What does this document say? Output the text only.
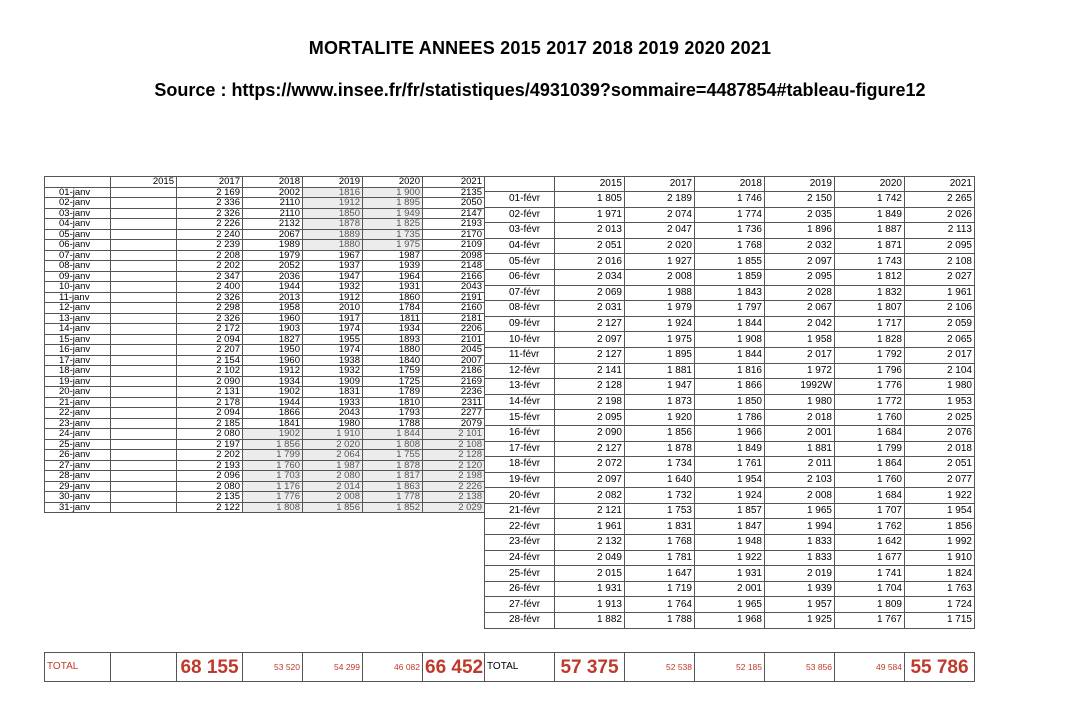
MORTALITE ANNEES 2015 2017 2018 2019 2020 2021
Source : https://www.insee.fr/fr/statistiques/4931039?sommaire=4487854#tableau-figure12
	2015	2017	2018	2019	2020	2021
01-janv		2 169	2002	1816	1 900	2135
02-janv		2 336	2110	1912	1 895	2050
03-janv		2 326	2110	1850	1 949	2147
04-janv		2 226	2132	1878	1 825	2193
05-janv		2 240	2067	1889	1 735	2170
06-janv		2 239	1989	1880	1 975	2109
07-janv		2 208	1979	1967	1987	2098
08-janv		2 202	2052	1937	1939	2148
09-janv		2 347	2036	1947	1964	2166
10-janv		2 400	1944	1932	1931	2043
11-janv		2 326	2013	1912	1860	2191
12-janv		2 298	1958	2010	1784	2160
13-janv		2 326	1960	1917	1811	2181
14-janv		2 172	1903	1974	1934	2206
15-janv		2 094	1827	1955	1893	2101
16-janv		2 207	1950	1974	1880	2045
17-janv		2 154	1960	1938	1840	2007
18-janv		2 102	1912	1932	1759	2186
19-janv		2 090	1934	1909	1725	2169
20-janv		2 131	1902	1831	1789	2236
21-janv		2 178	1944	1933	1810	2311
22-janv		2 094	1866	2043	1793	2277
23-janv		2 185	1841	1980	1788	2079
24-janv		2 080	1902	1 910	1 844	2 101
25-janv		2 197	1 856	2 020	1 808	2 108
26-janv		2 202	1 799	2 064	1 755	2 128
27-janv		2 193	1 760	1 987	1 878	2 120
28-janv		2 096	1 703	2 080	1 817	2 198
29-janv		2 080	1 176	2 014	1 863	2 226
30-janv		2 135	1 776	2 008	1 778	2 138
31-janv		2 122	1 808	1 856	1 852	2 029
	2015	2017	2018	2019	2020	2021
01-févr	1 805	2 189	1 746	2 150	1 742	2 265
02-févr	1 971	2 074	1 774	2 035	1 849	2 026
03-févr	2 013	2 047	1 736	1 896	1 887	2 113
04-févr	2 051	2 020	1 768	2 032	1 871	2 095
05-févr	2 016	1 927	1 855	2 097	1 743	2 108
06-févr	2 034	2 008	1 859	2 095	1 812	2 027
07-févr	2 069	1 988	1 843	2 028	1 832	1 961
08-févr	2 031	1 979	1 797	2 067	1 807	2 106
09-févr	2 127	1 924	1 844	2 042	1 717	2 059
10-févr	2 097	1 975	1 908	1 958	1 828	2 065
11-févr	2 127	1 895	1 844	2 017	1 792	2 017
12-févr	2 141	1 881	1 816	1 972	1 796	2 104
13-févr	2 128	1 947	1 866	1992W	1 776	1 980
14-févr	2 198	1 873	1 850	1 980	1 772	1 953
15-févr	2 095	1 920	1 786	2 018	1 760	2 025
16-févr	2 090	1 856	1 966	2 001	1 684	2 076
17-févr	2 127	1 878	1 849	1 881	1 799	2 018
18-févr	2 072	1 734	1 761	2 011	1 864	2 051
19-févr	2 097	1 640	1 954	2 103	1 760	2 077
20-févr	2 082	1 732	1 924	2 008	1 684	1 922
21-févr	2 121	1 753	1 857	1 965	1 707	1 954
22-févr	1 961	1 831	1 847	1 994	1 762	1 856
23-févr	2 132	1 768	1 948	1 833	1 642	1 992
24-févr	2 049	1 781	1 922	1 833	1 677	1 910
25-févr	2 015	1 647	1 931	2 019	1 741	1 824
26-févr	1 931	1 719	2 001	1 939	1 704	1 763
27-févr	1 913	1 764	1 965	1 957	1 809	1 724
28-févr	1 882	1 788	1 968	1 925	1 767	1 715
TOTAL		68 155	53 520	54 299	46 082	66 452	TOTAL	57 375	52 538	52 185	53 856	49 584	55 786
